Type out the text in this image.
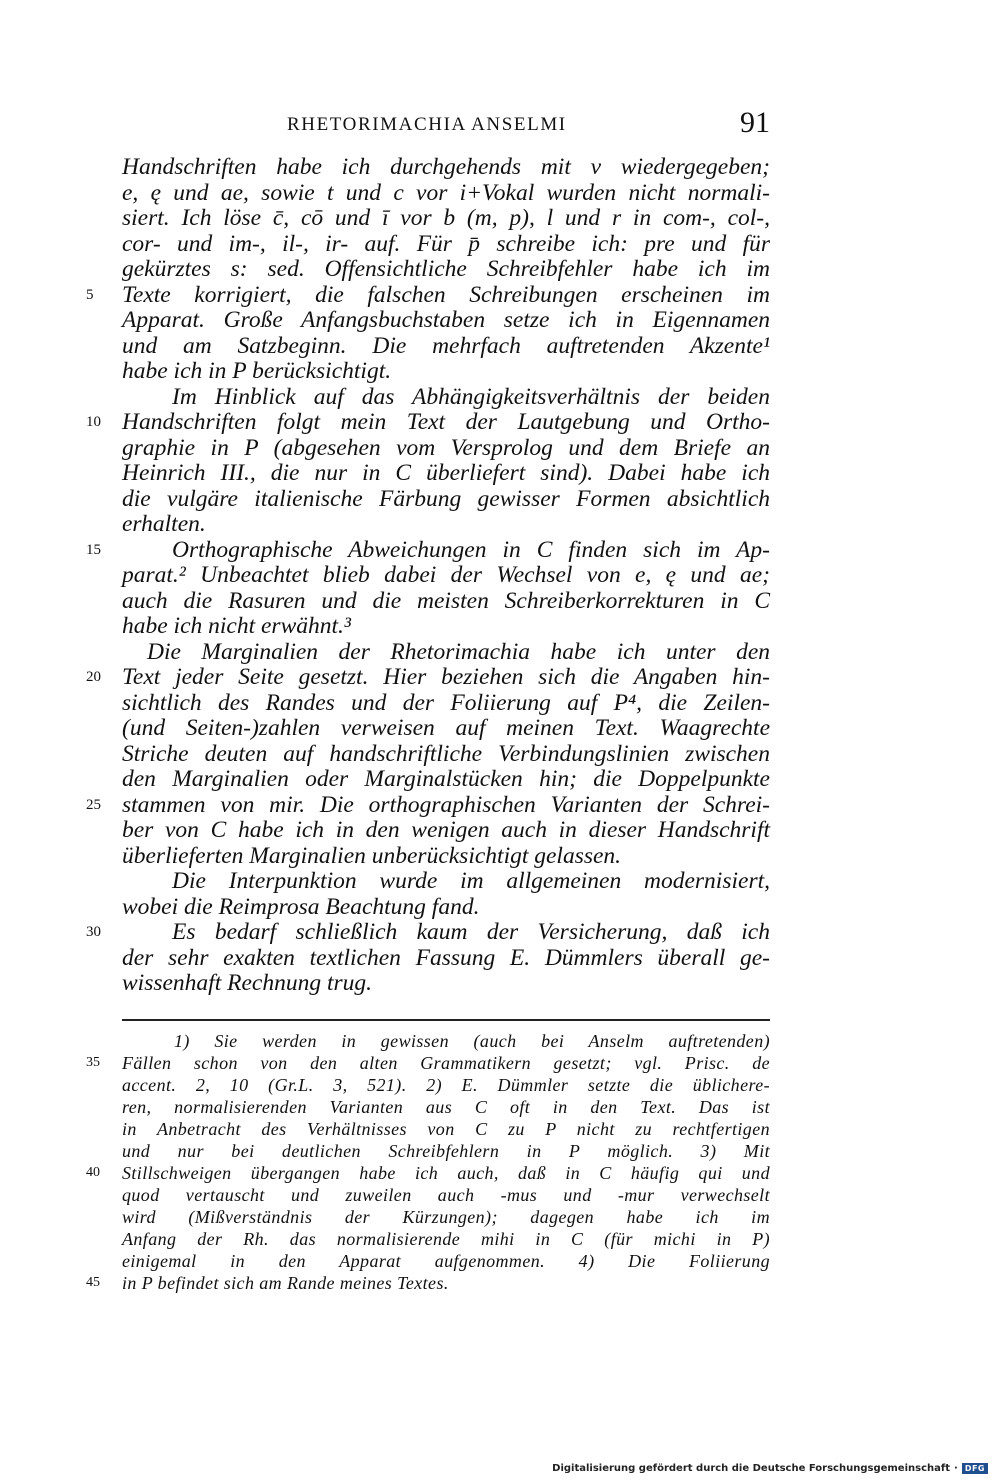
RHETORIMACHIA ANSELMI	91
Handschriften habe ich durchgehends mit v wiedergegeben;
e, ę und ae, sowie t und c vor i+Vokal wurden nicht normali-
siert. Ich löse c̄, cō und ī vor b (m, p), l und r in com-, col-,
cor- und im-, il-, ir- auf. Für p̄ schreibe ich: pre und für
gekürztes s: sed. Offensichtliche Schreibfehler habe ich im
Texte korrigiert, die falschen Schreibungen erscheinen im
Apparat. Große Anfangsbuchstaben setze ich in Eigennamen
und am Satzbeginn. Die mehrfach auftretenden Akzente¹
habe ich in P berücksichtigt.
Im Hinblick auf das Abhängigkeitsverhältnis der beiden
Handschriften folgt mein Text der Lautgebung und Ortho-
graphie in P (abgesehen vom Versprolog und dem Briefe an
Heinrich III., die nur in C überliefert sind). Dabei habe ich
die vulgäre italienische Färbung gewisser Formen absichtlich
erhalten.
Orthographische Abweichungen in C finden sich im Ap-
parat.² Unbeachtet blieb dabei der Wechsel von e, ę und ae;
auch die Rasuren und die meisten Schreiberkorrekturen in C
habe ich nicht erwähnt.³
Die Marginalien der Rhetorimachia habe ich unter den
Text jeder Seite gesetzt. Hier beziehen sich die Angaben hin-
sichtlich des Randes und der Foliierung auf P⁴, die Zeilen-
(und Seiten-)zahlen verweisen auf meinen Text. Waagrechte
Striche deuten auf handschriftliche Verbindungslinien zwischen
den Marginalien oder Marginalstücken hin; die Doppelpunkte
stammen von mir. Die orthographischen Varianten der Schrei-
ber von C habe ich in den wenigen auch in dieser Handschrift
überlieferten Marginalien unberücksichtigt gelassen.
Die Interpunktion wurde im allgemeinen modernisiert,
wobei die Reimprosa Beachtung fand.
Es bedarf schließlich kaum der Versicherung, daß ich
der sehr exakten textlichen Fassung E. Dümmlers überall ge-
wissenhaft Rechnung trug.
5
10
15
20
25
30
1) Sie werden in gewissen (auch bei Anselm auftretenden)
Fällen schon von den alten Grammatikern gesetzt; vgl. Prisc. de
accent. 2, 10 (Gr.L. 3, 521). 2) E. Dümmler setzte die üblichere-
ren, normalisierenden Varianten aus C oft in den Text. Das ist
in Anbetracht des Verhältnisses von C zu P nicht zu rechtfertigen
und nur bei deutlichen Schreibfehlern in P möglich. 3) Mit
Stillschweigen übergangen habe ich auch, daß in C häufig qui und
quod vertauscht und zuweilen auch -mus und -mur verwechselt
wird (Mißverständnis der Kürzungen); dagegen habe ich im
Anfang der Rh. das normalisierende mihi in C (für michi in P)
einigemal in den Apparat aufgenommen. 4) Die Foliierung
in P befindet sich am Rande meines Textes.
35
40
45
Digitalisierung gefördert durch die Deutsche Forschungsgemeinschaft · DFG
